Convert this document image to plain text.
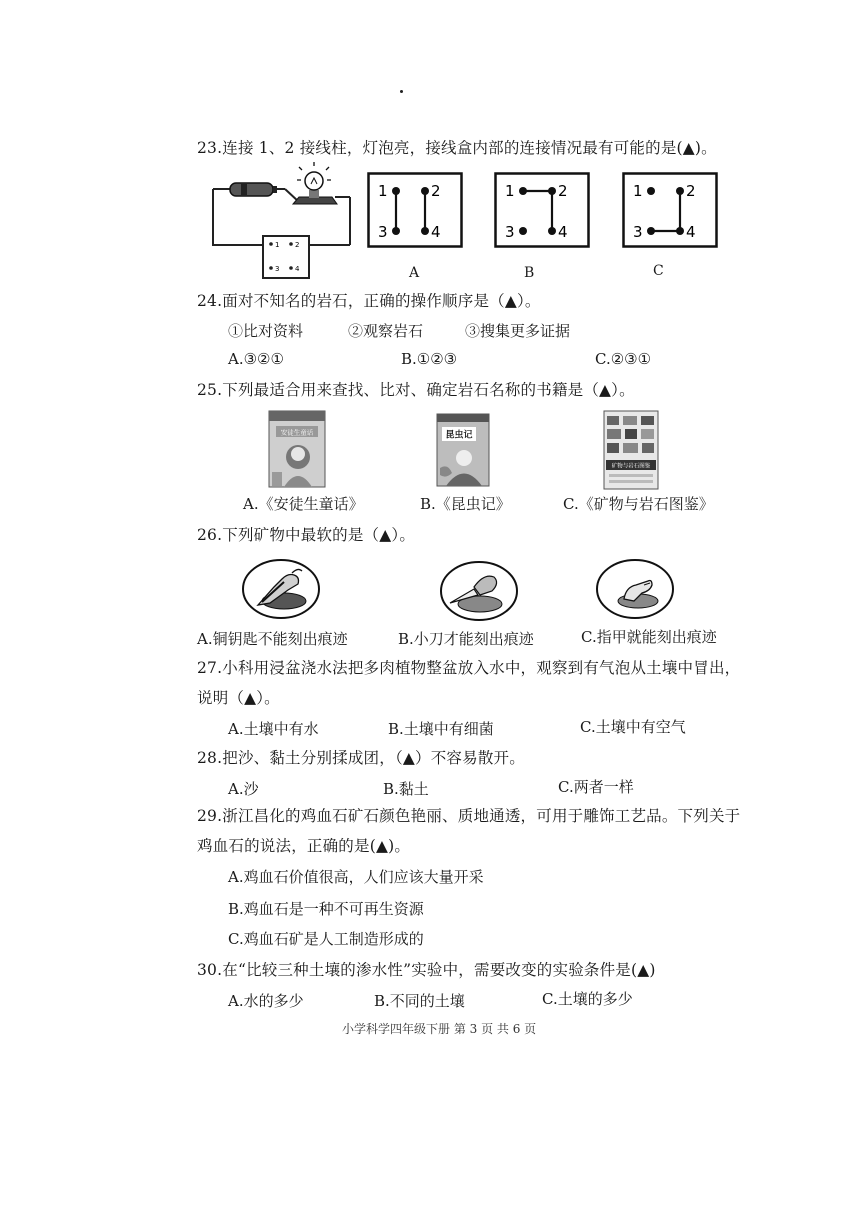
23.连接 1、2 接线柱，灯泡亮，接线盒内部的连接情况最有可能的是(▲)。
1 2
3 4
1	2
3	4
1	2
3	4
1	2
3	4
A	B	C
24.面对不知名的岩石，正确的操作顺序是（▲）。
①比对资料	②观察岩石	③搜集更多证据
A.③②①	B.①②③	C.②③①
25.下列最适合用来查找、比对、确定岩石名称的书籍是（▲）。
安徒生童话	昆虫记
矿物与岩石图鉴
A.《安徒生童话》	B.《昆虫记》	C.《矿物与岩石图鉴》
26.下列矿物中最软的是（▲）。
A.铜钥匙不能刻出痕迹	B.小刀才能刻出痕迹	C.指甲就能刻出痕迹
27.小科用浸盆浇水法把多肉植物整盆放入水中，观察到有气泡从土壤中冒出，
说明（▲）。
A.土壤中有水	B.土壤中有细菌	C.土壤中有空气
28.把沙、黏土分别揉成团，（▲）不容易散开。
A.沙	B.黏土	C.两者一样
29.浙江昌化的鸡血石矿石颜色艳丽、质地通透，可用于雕饰工艺品。下列关于
鸡血石的说法，正确的是(▲)。
A.鸡血石价值很高，人们应该大量开采
B.鸡血石是一种不可再生资源
C.鸡血石矿是人工制造形成的
30.在“比较三种土壤的渗水性”实验中，需要改变的实验条件是(▲)
A.水的多少	B.不同的土壤	C.土壤的多少
小学科学四年级下册 第 3 页 共 6 页
